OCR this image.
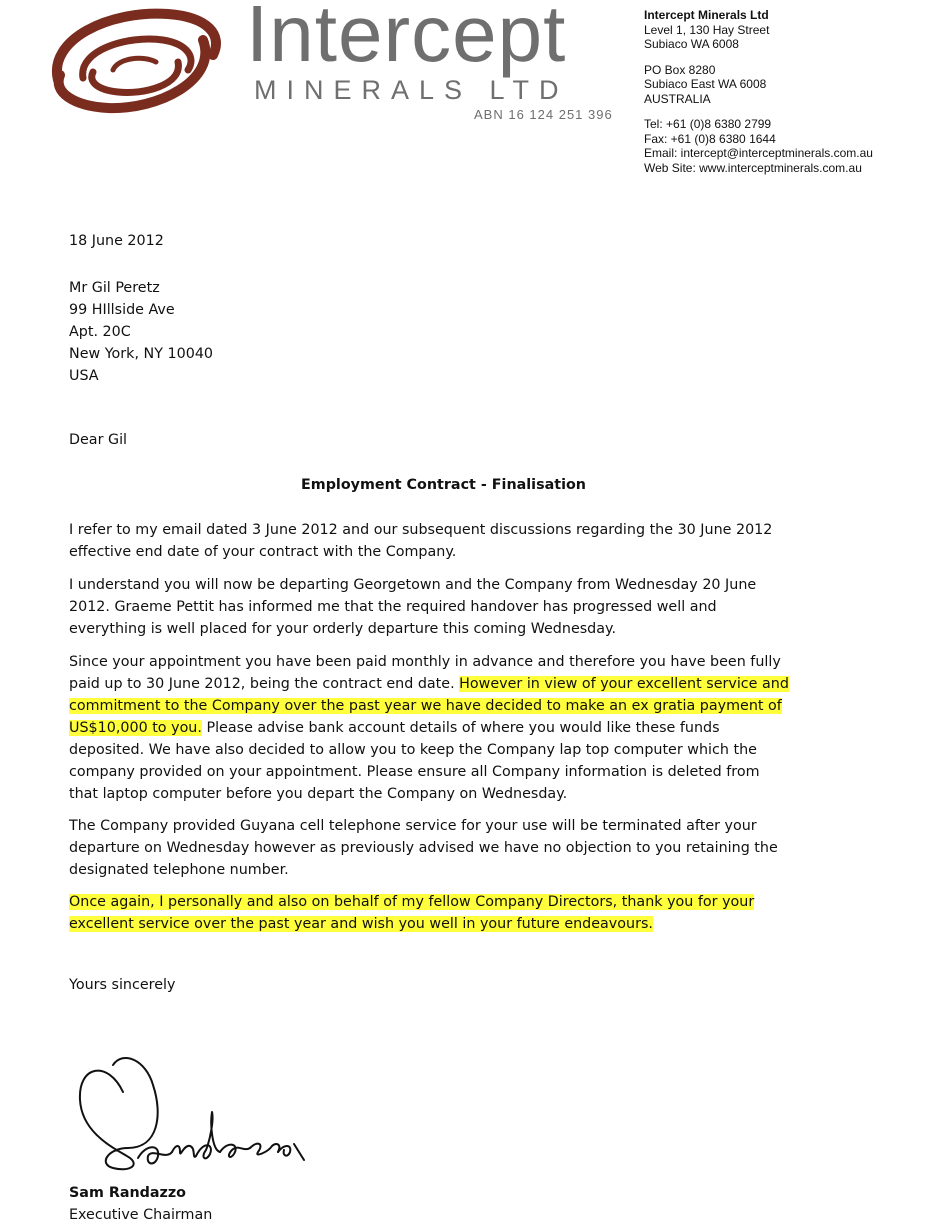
Intercept
MINERALS LTD
ABN 16 124 251 396
Intercept Minerals Ltd
Level 1, 130 Hay Street
Subiaco WA 6008
PO Box 8280
Subiaco East WA 6008
AUSTRALIA
Tel: +61 (0)8 6380 2799
Fax: +61 (0)8 6380 1644
Email: intercept@interceptminerals.com.au
Web Site: www.interceptminerals.com.au
18 June 2012
Mr Gil Peretz
99 HIllside Ave
Apt. 20C
New York, NY 10040
USA
Dear Gil
Employment Contract - Finalisation
I refer to my email dated 3 June 2012 and our subsequent discussions regarding the 30 June 2012
effective end date of your contract with the Company.
I understand you will now be departing Georgetown and the Company from Wednesday 20 June
2012. Graeme Pettit has informed me that the required handover has progressed well and
everything is well placed for your orderly departure this coming Wednesday.
Since your appointment you have been paid monthly in advance and therefore you have been fully
paid up to 30 June 2012, being the contract end date. However in view of your excellent service and
commitment to the Company over the past year we have decided to make an ex gratia payment of
US$10,000 to you. Please advise bank account details of where you would like these funds
deposited. We have also decided to allow you to keep the Company lap top computer which the
company provided on your appointment. Please ensure all Company information is deleted from
that laptop computer before you depart the Company on Wednesday.
The Company provided Guyana cell telephone service for your use will be terminated after your
departure on Wednesday however as previously advised we have no objection to you retaining the
designated telephone number.
Once again, I personally and also on behalf of my fellow Company Directors, thank you for your
excellent service over the past year and wish you well in your future endeavours.
Yours sincerely
Sam Randazzo
Executive Chairman
